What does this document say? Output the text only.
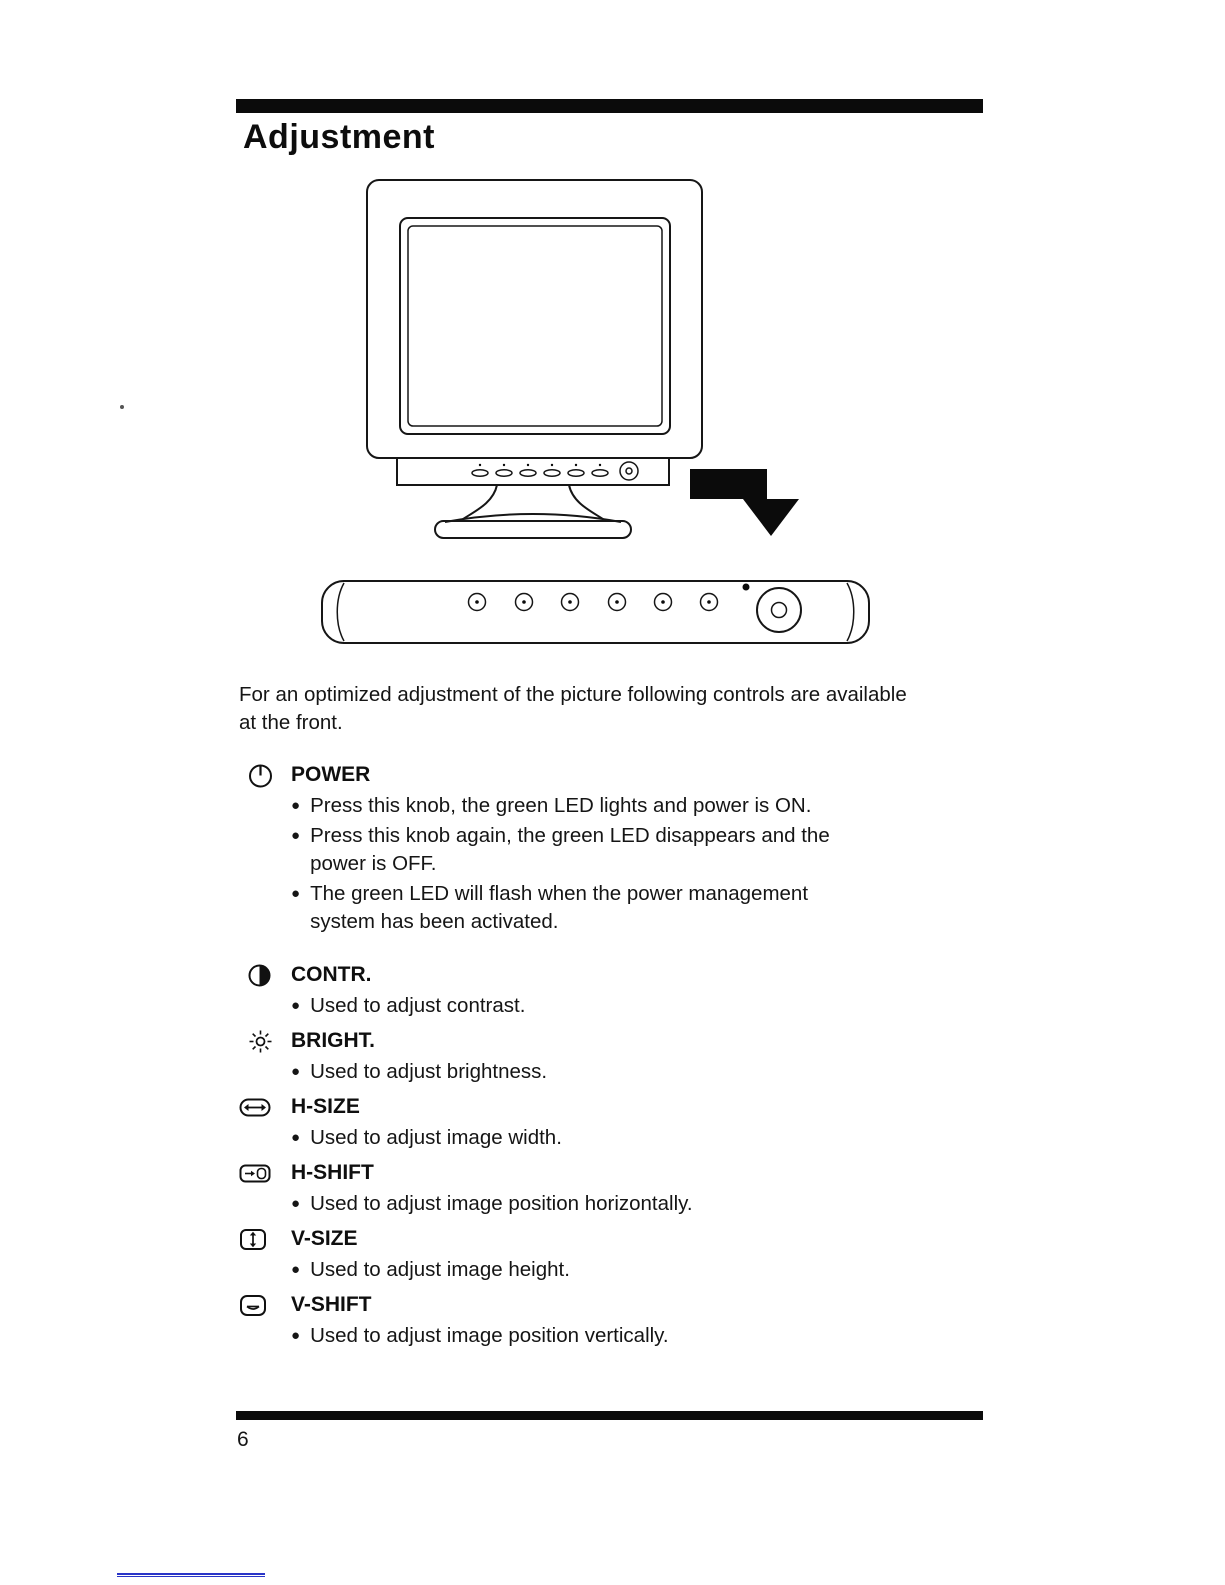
Adjustment

For an optimized adjustment of the picture following controls are available at the front.

POWER
● Press this knob, the green LED lights and power is ON.
● Press this knob again, the green LED disappears and the power is OFF.
● The green LED will flash when the power management system has been activated.
CONTR.
● Used to adjust contrast.
BRIGHT.
● Used to adjust brightness.
H-SIZE
● Used to adjust image width.
H-SHIFT
● Used to adjust image position horizontally.
V-SIZE
● Used to adjust image height.
V-SHIFT
● Used to adjust image position vertically.
6
